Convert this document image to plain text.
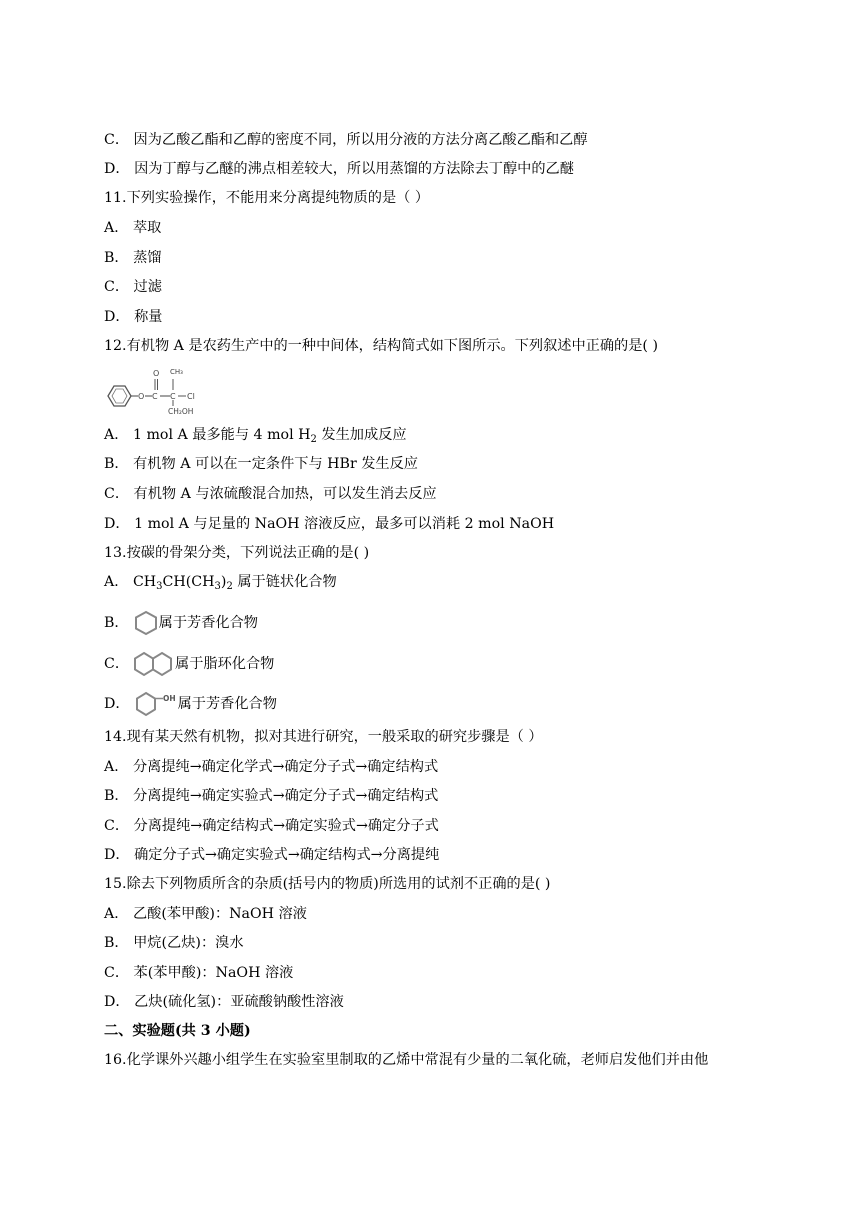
C． 因为乙酸乙酯和乙醇的密度不同，所以用分液的方法分离乙酸乙酯和乙醇
D． 因为丁醇与乙醚的沸点相差较大，所以用蒸馏的方法除去丁醇中的乙醚
11.下列实验操作，不能用来分离提纯物质的是（ ）
A． 萃取
B． 蒸馏
C． 过滤
D． 称量
12.有机物 A 是农药生产中的一种中间体，结构简式如下图所示。下列叙述中正确的是( )
O C
O
C
CH₃
Cl
CH₂OH
A． 1 mol A 最多能与 4 mol $H_2$ 发生加成反应
B． 有机物 A 可以在一定条件下与 HBr 发生反应
C． 有机物 A 与浓硫酸混合加热，可以发生消去反应
D． 1 mol A 与足量的 NaOH 溶液反应，最多可以消耗 2 mol NaOH
13.按碳的骨架分类，下列说法正确的是( )
A． $CH_3CH(CH_3)_2$ 属于链状化合物
B． 属于芳香化合物
C．	属于脂环化合物
D．	OH 属于芳香化合物
14.现有某天然有机物，拟对其进行研究，一般采取的研究步骤是（ ）
A． 分离提纯→确定化学式→确定分子式→确定结构式
B． 分离提纯→确定实验式→确定分子式→确定结构式
C． 分离提纯→确定结构式→确定实验式→确定分子式
D． 确定分子式→确定实验式→确定结构式→分离提纯
15.除去下列物质所含的杂质(括号内的物质)所选用的试剂不正确的是( )
A． 乙酸(苯甲酸)：NaOH 溶液
B． 甲烷(乙炔)：溴水
C． 苯(苯甲酸)：NaOH 溶液
D． 乙炔(硫化氢)：亚硫酸钠酸性溶液
二、实验题(共 3 小题)
16.化学课外兴趣小组学生在实验室里制取的乙烯中常混有少量的二氧化硫，老师启发他们并由他
